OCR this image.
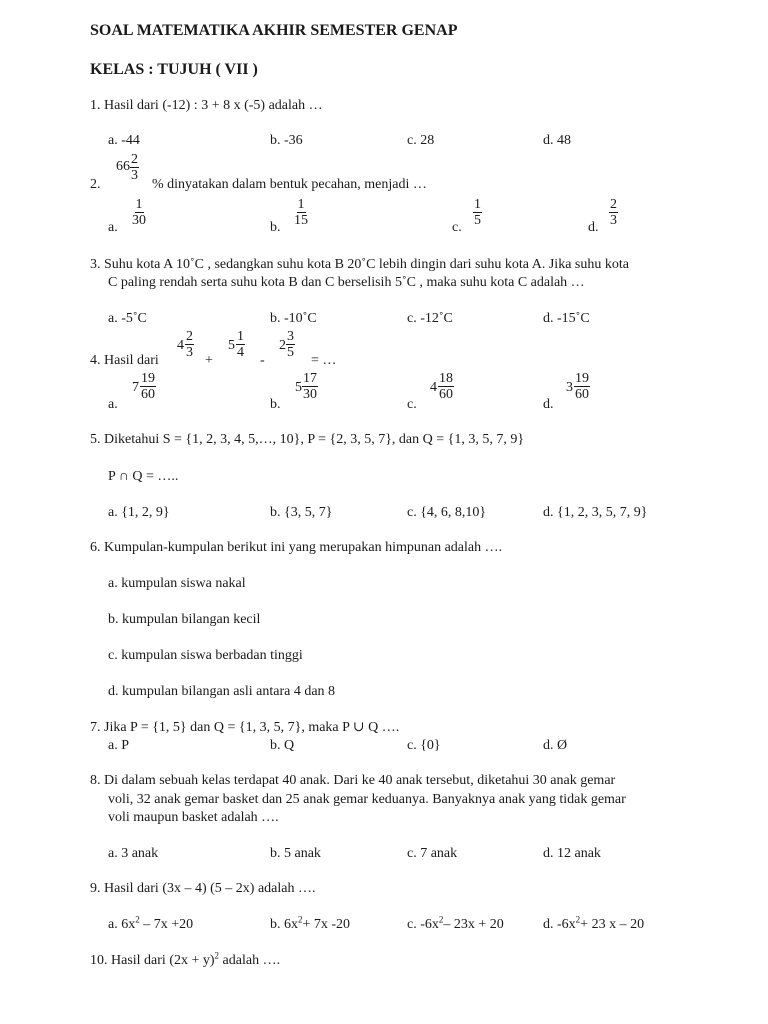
SOAL MATEMATIKA AKHIR SEMESTER GENAP
KELAS : TUJUH ( VII )
1. Hasil dari (-12) : 3 + 8 x (-5) adalah …
a. -44	b. -36	c. 28	d. 48
2.
$66 \frac{2}{3}$
% dinyatakan dalam bentuk pecahan, menjadi …
a. $\frac{1}{30}$	b. $\frac{1}{15}$	c. $\frac{1}{5}$	d. $\frac{2}{3}$
3. Suhu kota A 10˚C , sedangkan suhu kota B 20˚C lebih dingin dari suhu kota A. Jika suhu kota
C paling rendah serta suhu kota B dan C berselisih 5˚C , maka suhu kota C adalah …
a. -5˚C	b. -10˚C	c. -12˚C	d. -15˚C
4. Hasil dari
$4 \frac{2}{3}$
+
$5 \frac{1}{4}$
-
$2 \frac{3}{5}$
= …
a.
$7 \frac{19}{60}$
b.
$5 \frac{17}{30}$
c.
$4 \frac{18}{60}$
d.
$3 \frac{19}{60}$
5. Diketahui S = {1, 2, 3, 4, 5,…, 10}, P = {2, 3, 5, 7}, dan Q = {1, 3, 5, 7, 9}
P ∩ Q = …..
a. {1, 2, 9}	b. {3, 5, 7}	c. {4, 6, 8,10}	d. {1, 2, 3, 5, 7, 9}
6. Kumpulan-kumpulan berikut ini yang merupakan himpunan adalah ….
a. kumpulan siswa nakal
b. kumpulan bilangan kecil
c. kumpulan siswa berbadan tinggi
d. kumpulan bilangan asli antara 4 dan 8
7. Jika P = {1, 5} dan Q = {1, 3, 5, 7}, maka P ∪ Q ….
a. P	b. Q	c. {0}	d. Ø
8. Di dalam sebuah kelas terdapat 40 anak. Dari ke 40 anak tersebut, diketahui 30 anak gemar
voli, 32 anak gemar basket dan 25 anak gemar keduanya. Banyaknya anak yang tidak gemar
voli maupun basket adalah ….
a. 3 anak	b. 5 anak	c. 7 anak	d. 12 anak
9. Hasil dari (3x – 4) (5 – 2x) adalah ….
a. $6x^2 - 7x +20$	b. $6x^2+ 7x$ -20	c. $-6x^2-$ 23x + 20	d. $-6x^2+ 23$ x – 20
10. Hasil dari $(2x + y)^2$ adalah ….
